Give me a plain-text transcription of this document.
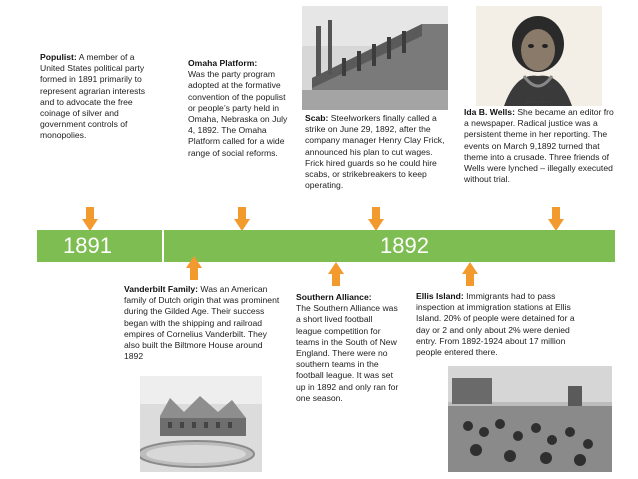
IDA B. WELLS.
Populist: A member of a United States political party formed in 1891 primarily to represent agrarian interests and to advocate the free coinage of silver and government controls of monopolies.
Omaha Platform:
Was the party program adopted at the formative convention of the populist or people’s party held in Omaha, Nebraska on July 4, 1892. The Omaha Platform called for a wide range of social reforms.
Scab: Steelworkers finally called a strike on June 29, 1892, after the company manager Henry Clay Frick, announced his plan to cut wages. Frick hired guards so he could hire scabs, or strikebreakers to keep operating.
Ida B. Wells: She became an editor fro a newspaper. Radical justice was a persistent theme in her reporting. The events on March 9,1892 turned that theme into a crusade. Three friends of Wells were lynched – illegally executed without trial.
1891	1892
Vanderbilt Family: Was an American family of Dutch origin that was prominent during the Gilded Age. Their success began with the shipping and railroad empires of Cornelius Vanderbilt. They also built the Biltmore House around 1892
Southern Alliance:
The Southern Alliance was a short lived football league competition for teams in the South of New England. There were no southern teams in the football league. It was set up in 1892 and only ran for one season.
Ellis Island: Immigrants had to pass inspection at immigration stations at Ellis Island. 20% of people were detained for a day or 2 and only about 2% were denied entry. From 1892-1924 about 17 million people entered there.
